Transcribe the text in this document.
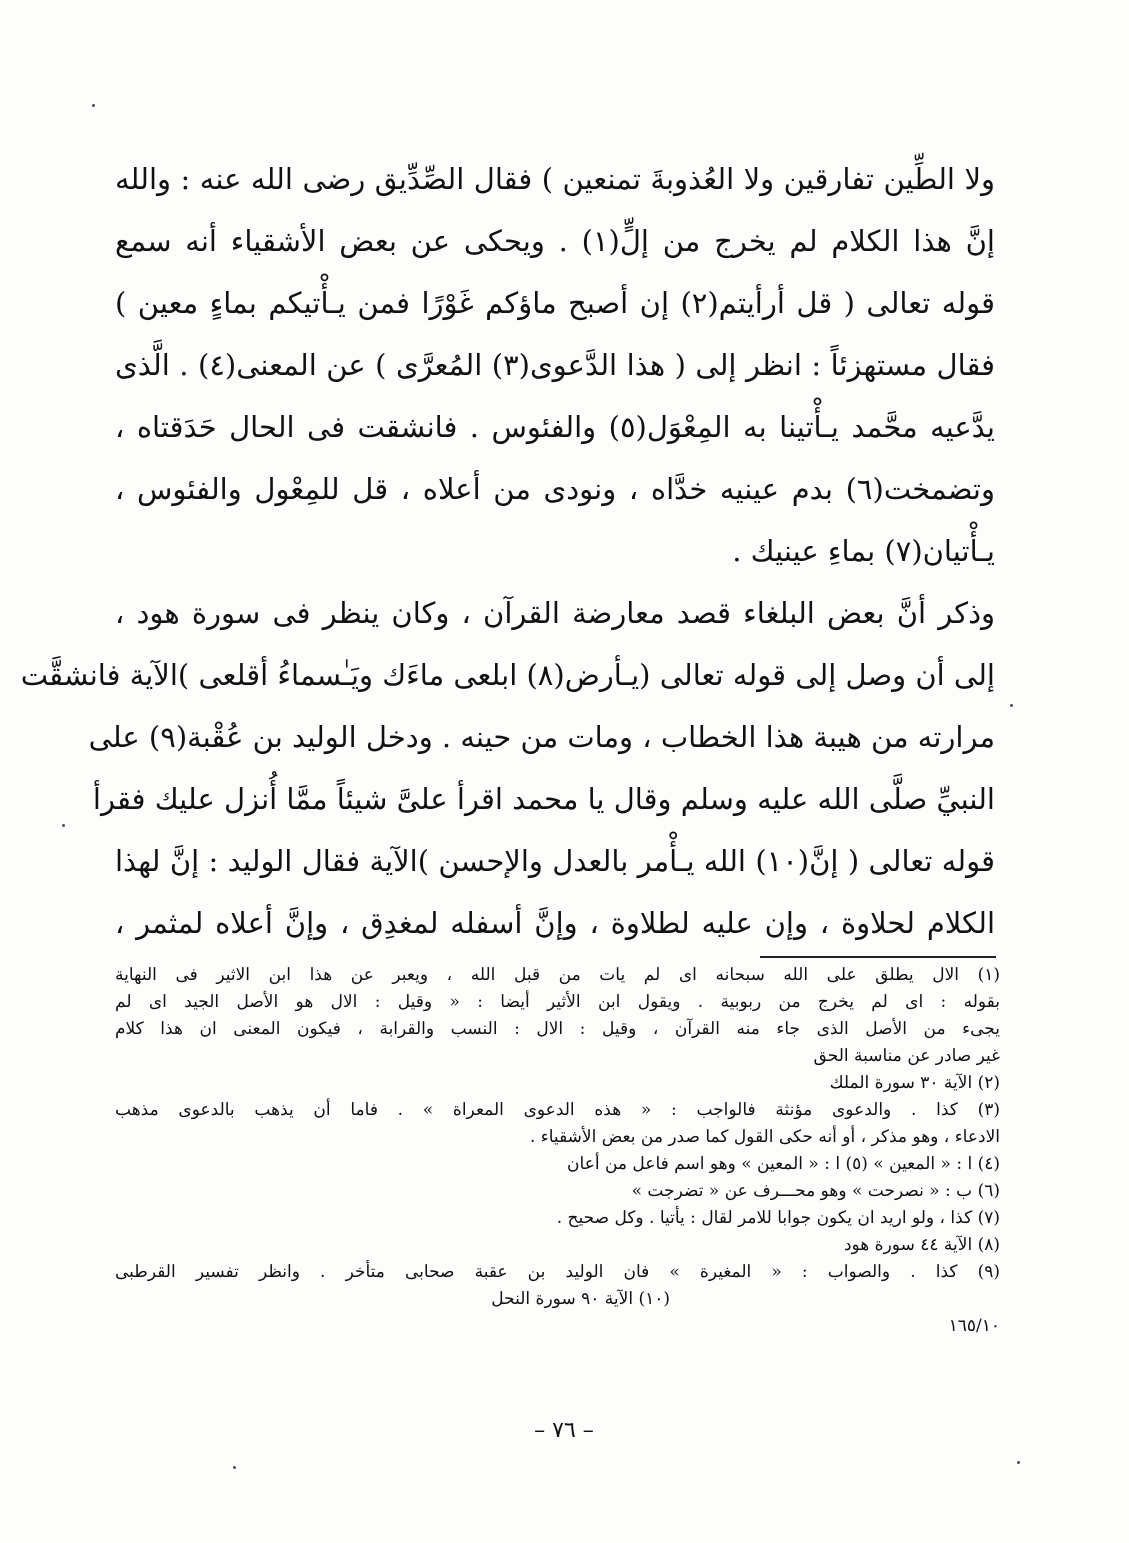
ولا الطِّين تفارقين ولا العُذوبةَ تمنعين ) فقال الصِّدِّيق رضى الله عنه : والله
إنَّ هذا الكلام لم يخرج من إلٍّ(١) . ويحكى عن بعض الأشقياء أنه سمع
قوله تعالى ( قل أرأيتم(٢) إن أصبح ماؤكم غَوْرًا فمن يـأْتيكم بماءٍ معين )
فقال مستهزئاً : انظر إلى ( هذا الدَّعوى(٣) المُعرَّى ) عن المعنى(٤) . الَّذى
يدَّعيه محَّمد يـأْتينا به المِعْوَل(٥) والفئوس . فانشقت فى الحال حَدَقتاه ،
وتضمخت(٦) بدم عينيه خدَّاه ، ونودى من أعلاه ، قل للمِعْول والفئوس ،
يـأْتيان(٧) بماءِ عينيك .
وذكر أنَّ بعض البلغاء قصد معارضة القرآن ، وكان ينظر فى سورة هود ،
إلى أن وصل إلى قوله تعالى (يـأرض(٨) ابلعى ماءَك ويَـٰسماءُ أقلعى )الآية فانشقَّت
مرارته من هيبة هذا الخطاب ، ومات من حينه . ودخل الوليد بن عُقْبة(٩) على
النبيِّ صلَّى الله عليه وسلم وقال يا محمد اقرأ علىَّ شيئاً ممَّا أُنزل عليك فقرأ
قوله تعالى ( إنَّ(١٠) الله يـأْمر بالعدل والإحسن )الآية فقال الوليد : إنَّ لهذا
الكلام لحلاوة ، وإن عليه لطلاوة ، وإنَّ أسفله لمغدِق ، وإنَّ أعلاه لمثمر ،
(١) الال يطلق على الله سبحانه اى لم يات من قبل الله ، ويعبر عن هذا ابن الاثير فى النهاية
بقوله : اى لم يخرج من ربوبية . ويقول ابن الأثير أيضا : « وقيل : الال هو الأصل الجيد اى لم
يجىء من الأصل الذى جاء منه القرآن ، وقيل : الال : النسب والقرابة ، فيكون المعنى ان هذا كلام
غير صادر عن مناسبة الحق
(٢) الآية ٣٠ سورة الملك
(٣) كذا . والدعوى مؤنثة فالواجب : « هذه الدعوى المعراة » . فاما أن يذهب بالدعوى مذهب
الادعاء ، وهو مذكر ، أو أنه حكى القول كما صدر من بعض الأشقياء .
(٤) ا : « المعين » (٥) ا : « المعين » وهو اسم فاعل من أعان
(٦) ب : « نصرحت » وهو محـــرف عن « تضرجت »
(٧) كذا ، ولو اريد ان يكون جوابا للامر لقال : يأتيا . وكل صحيح .
(٨) الآية ٤٤ سورة هود
(٩) كذا . والصواب : « المغيرة » فان الوليد بن عقبة صحابى متأخر . وانظر تفسير القرطبى
(١٠) الآية ٩٠ سورة النحل
١٦٥/١٠
– ٧٦ –
